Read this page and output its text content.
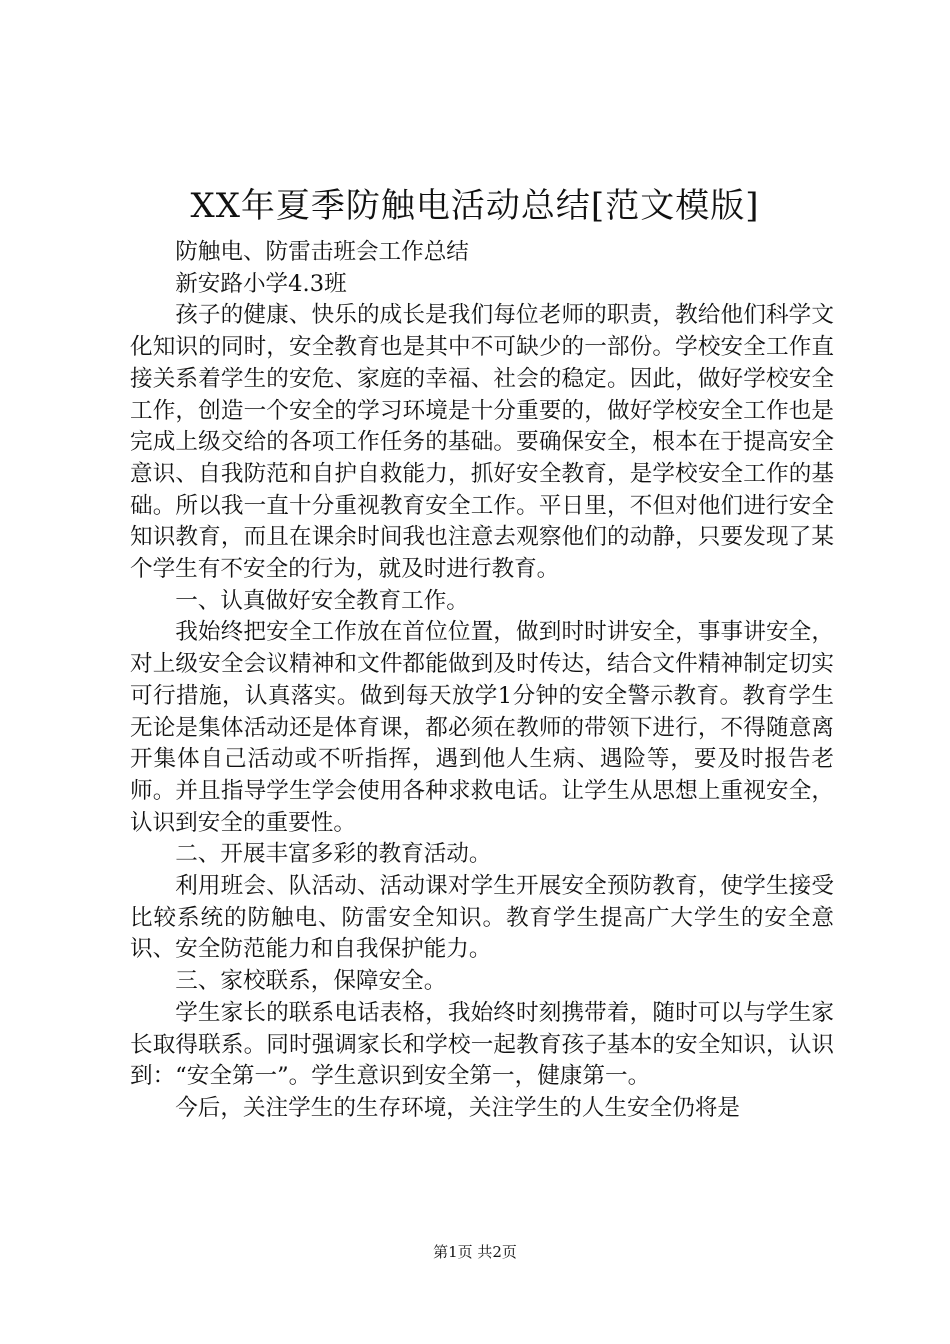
XX年夏季防触电活动总结[范文模版]

防触电、防雷击班会工作总结

新安路小学4.3班

孩子的健康、快乐的成长是我们每位老师的职责，教给他们科学文化知识的同时，安全教育也是其中不可缺少的一部份。学校安全工作直接关系着学生的安危、家庭的幸福、社会的稳定。因此，做好学校安全工作，创造一个安全的学习环境是十分重要的，做好学校安全工作也是完成上级交给的各项工作任务的基础。要确保安全，根本在于提高安全意识、自我防范和自护自救能力，抓好安全教育，是学校安全工作的基础。所以我一直十分重视教育安全工作。平日里，不但对他们进行安全知识教育，而且在课余时间我也注意去观察他们的动静，只要发现了某个学生有不安全的行为，就及时进行教育。

一、认真做好安全教育工作。

我始终把安全工作放在首位位置，做到时时讲安全，事事讲安全，对上级安全会议精神和文件都能做到及时传达，结合文件精神制定切实可行措施，认真落实。做到每天放学1分钟的安全警示教育。教育学生无论是集体活动还是体育课，都必须在教师的带领下进行，不得随意离开集体自己活动或不听指挥，遇到他人生病、遇险等，要及时报告老师。并且指导学生学会使用各种求救电话。让学生从思想上重视安全，认识到安全的重要性。

二、开展丰富多彩的教育活动。

利用班会、队活动、活动课对学生开展安全预防教育，使学生接受比较系统的防触电、防雷安全知识。教育学生提高广大学生的安全意识、安全防范能力和自我保护能力。

三、家校联系，保障安全。

学生家长的联系电话表格，我始终时刻携带着，随时可以与学生家长取得联系。同时强调家长和学校一起教育孩子基本的安全知识，认识到：“安全第一”。学生意识到安全第一，健康第一。

今后，关注学生的生存环境，关注学生的人生安全仍将是

第1页 共2页
